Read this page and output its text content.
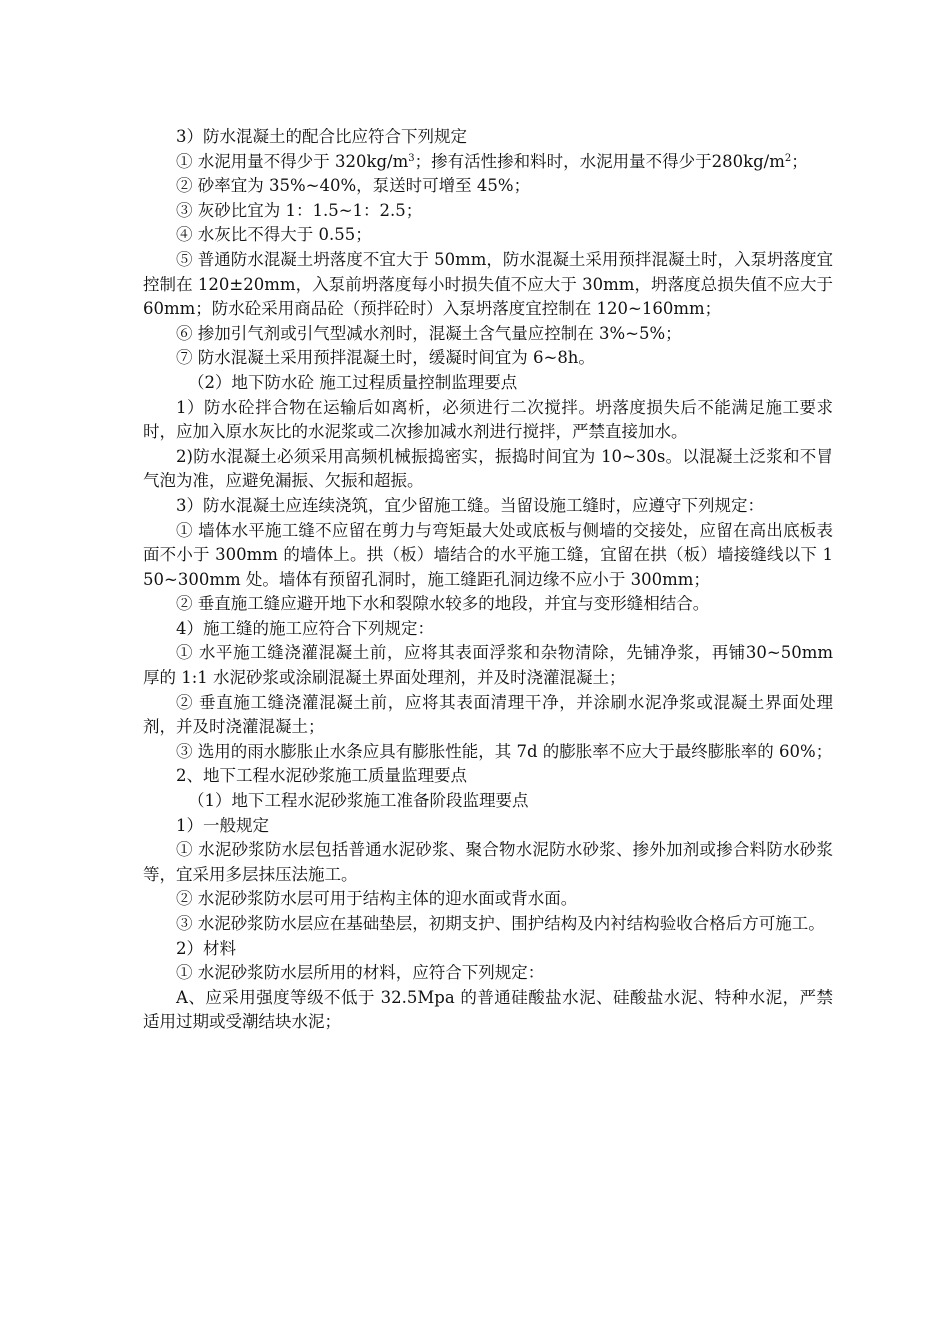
3）防水混凝土的配合比应符合下列规定

① 水泥用量不得少于 $320kg/m^3$；掺有活性掺和料时，水泥用量不得少于$280kg/m^2$；

② 砂率宜为 35%~40%，泵送时可增至 45%；

③ 灰砂比宜为 1：1.5~1：2.5；

④ 水灰比不得大于 0.55；

⑤ 普通防水混凝土坍落度不宜大于 50mm，防水混凝土采用预拌混凝土时，入泵坍落度宜控制在 120±20mm，入泵前坍落度每小时损失值不应大于 30mm，坍落度总损失值不应大于 60mm；防水砼采用商品砼（预拌砼时）入泵坍落度宜控制在 120~160mm；

⑥ 掺加引气剂或引气型减水剂时，混凝土含气量应控制在 3%~5%；

⑦ 防水混凝土采用预拌混凝土时，缓凝时间宜为 6~8h。

（2）地下防水砼 施工过程质量控制监理要点

1）防水砼拌合物在运输后如离析，必须进行二次搅拌。坍落度损失后不能满足施工要求时，应加入原水灰比的水泥浆或二次掺加减水剂进行搅拌，严禁直接加水。

2)防水混凝土必须采用高频机械振捣密实，振捣时间宜为 10~30s。以混凝土泛浆和不冒气泡为准，应避免漏振、欠振和超振。

3）防水混凝土应连续浇筑，宜少留施工缝。当留设施工缝时，应遵守下列规定：

① 墙体水平施工缝不应留在剪力与弯矩最大处或底板与侧墙的交接处，应留在高出底板表面不小于 300mm 的墙体上。拱（板）墙结合的水平施工缝，宜留在拱（板）墙接缝线以下 150~300mm 处。墙体有预留孔洞时，施工缝距孔洞边缘不应小于 300mm；

② 垂直施工缝应避开地下水和裂隙水较多的地段，并宜与变形缝相结合。

4）施工缝的施工应符合下列规定：

① 水平施工缝浇灌混凝土前，应将其表面浮浆和杂物清除，先铺净浆，再铺30~50mm 厚的 1:1 水泥砂浆或涂刷混凝土界面处理剂，并及时浇灌混凝土；

② 垂直施工缝浇灌混凝土前，应将其表面清理干净，并涂刷水泥净浆或混凝土界面处理剂，并及时浇灌混凝土；

③ 选用的雨水膨胀止水条应具有膨胀性能，其 7d 的膨胀率不应大于最终膨胀率的 60%；

2、地下工程水泥砂浆施工质量监理要点

（1）地下工程水泥砂浆施工准备阶段监理要点

1）一般规定

① 水泥砂浆防水层包括普通水泥砂浆、聚合物水泥防水砂浆、掺外加剂或掺合料防水砂浆等，宜采用多层抹压法施工。

② 水泥砂浆防水层可用于结构主体的迎水面或背水面。

③ 水泥砂浆防水层应在基础垫层，初期支护、围护结构及内衬结构验收合格后方可施工。

2）材料

① 水泥砂浆防水层所用的材料，应符合下列规定：

A、应采用强度等级不低于 32.5Mpa 的普通硅酸盐水泥、硅酸盐水泥、特种水泥，严禁适用过期或受潮结块水泥；
